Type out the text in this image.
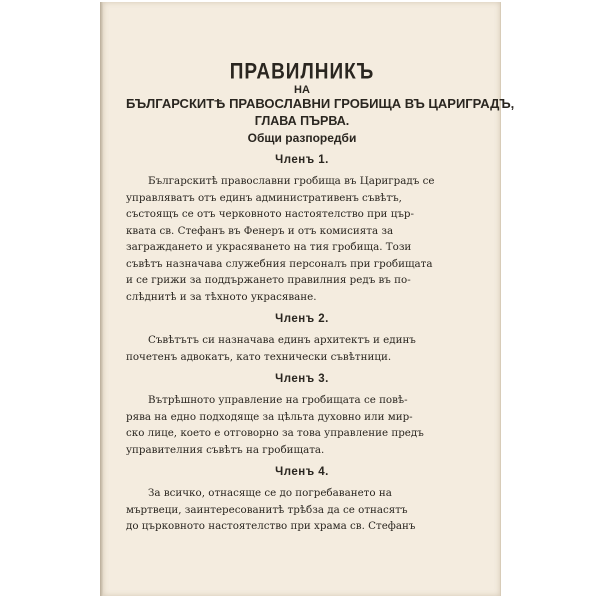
ПРАВИЛНИКЪ

НА

БЪЛГАРСКИТѢ ПРАВОСЛАВНИ ГРОБИЩА ВЪ ЦАРИГРАДЪ,

ГЛАВА ПЪРВА.

Общи разпоредби

Членъ 1.

Българскитѣ православни гробища въ Цариградъ се
управляватъ отъ единъ административенъ съвѣтъ,
състоящъ се отъ черковното настоятелство при цър-
квата св. Стефанъ въ Фенеръ и отъ комисията за
заграждането и украсяването на тия гробища. Този
съвѣтъ назначава служебния персоналъ при гробищата
и се грижи за поддържането правилния редъ въ по-
слѣднитѣ и за тѣхното украсяване.

Членъ 2.

Съвѣтътъ си назначава единъ архитектъ и единъ
почетенъ адвокатъ, като технически съвѣтници.

Членъ 3.

Вътрѣшното управление на гробищата се повѣ-
рява на едно подходяще за цѣльта духовно или мир-
ско лице, което е отговорно за това управление предъ
управителния съвѣтъ на гробищата.

Членъ 4.

За всичко, отнасяще се до погребаването на
мъртвеци, заинтересованитѣ трѣбза да се отнасятъ
до църковното настоятелство при храма св. Стефанъ
